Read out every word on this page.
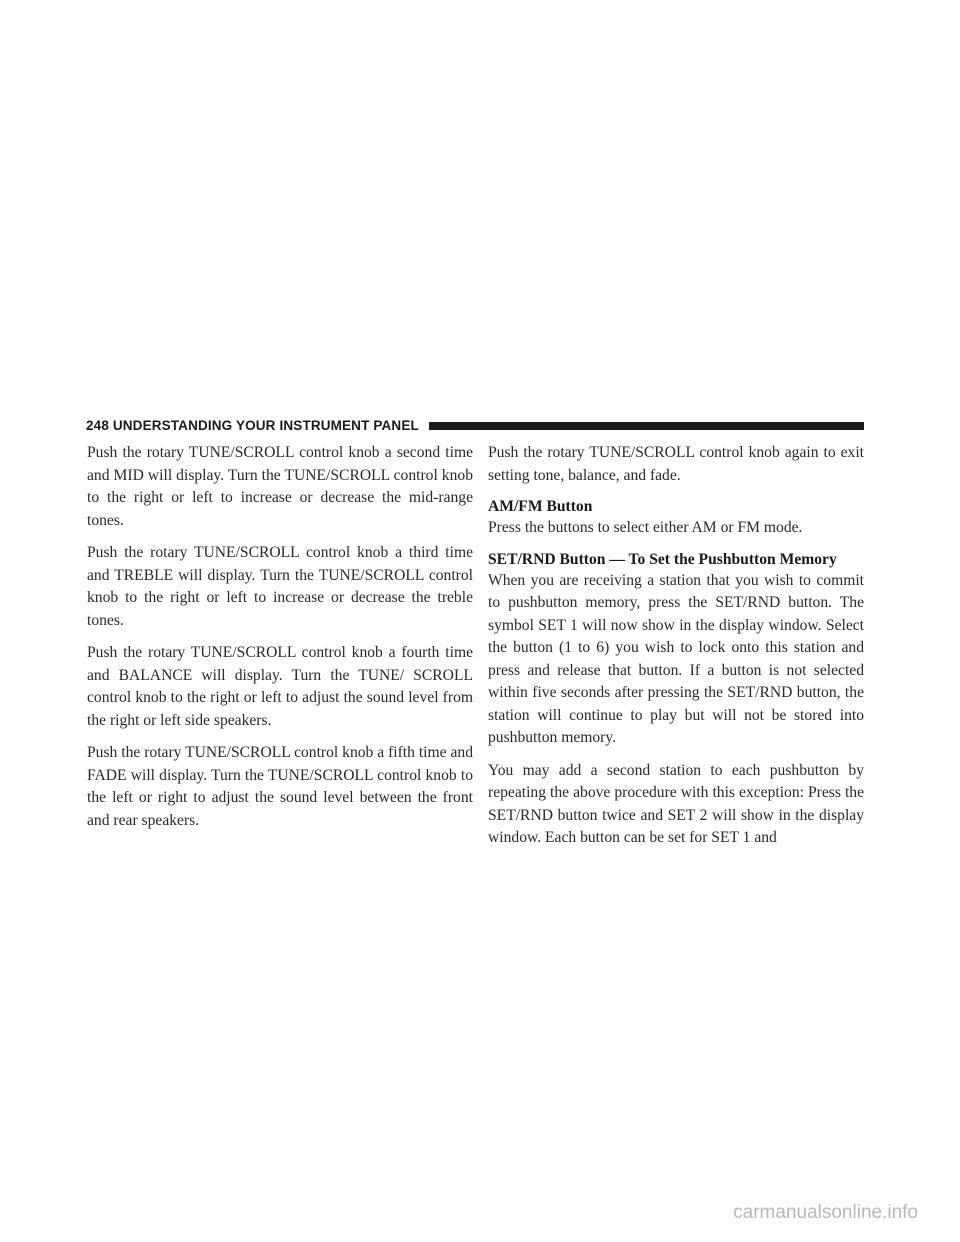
248 UNDERSTANDING YOUR INSTRUMENT PANEL

Push the rotary TUNE/SCROLL control knob a second time and MID will display. Turn the TUNE/SCROLL control knob to the right or left to increase or decrease the mid-range tones.

Push the rotary TUNE/SCROLL control knob a third time and TREBLE will display. Turn the TUNE/SCROLL control knob to the right or left to increase or decrease the treble tones.

Push the rotary TUNE/SCROLL control knob a fourth time and BALANCE will display. Turn the TUNE/ SCROLL control knob to the right or left to adjust the sound level from the right or left side speakers.

Push the rotary TUNE/SCROLL control knob a fifth time and FADE will display. Turn the TUNE/SCROLL control knob to the left or right to adjust the sound level between the front and rear speakers.

Push the rotary TUNE/SCROLL control knob again to exit setting tone, balance, and fade.

AM/FM Button

Press the buttons to select either AM or FM mode.

SET/RND Button — To Set the Pushbutton Memory

When you are receiving a station that you wish to commit to pushbutton memory, press the SET/RND button. The symbol SET 1 will now show in the display window. Select the button (1 to 6) you wish to lock onto this station and press and release that button. If a button is not selected within five seconds after pressing the SET/RND button, the station will continue to play but will not be stored into pushbutton memory.

You may add a second station to each pushbutton by repeating the above procedure with this exception: Press the SET/RND button twice and SET 2 will show in the display window. Each button can be set for SET 1 and

carmanualsonline.info
